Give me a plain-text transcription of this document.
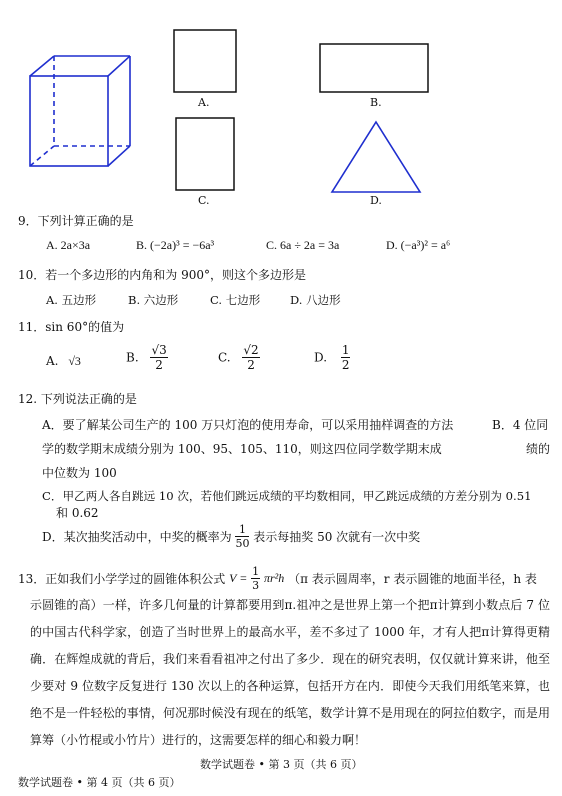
A.	B.
C.	D.
9．下列计算正确的是
A. 2a×3a	B. (−2a)³ = −6a³	C. 6a ÷ 2a = 3a	D. (−a³)² = a⁶
10．若一个多边形的内角和为 900°，则这个多边形是
A. 五边形	B. 六边形	C. 七边形	D. 八边形
11．sin 60°的值为
A. √3	B. $\frac{√3}{2}$	C. $\frac{√2}{2}$	D. $\frac{1}{2}$
12. 下列说法正确的是
A．要了解某公司生产的 100 万只灯泡的使用寿命，可以采用抽样调查的方法	B．4 位同
学的数学期末成绩分别为 100、95、105、110，则这四位同学数学期末成	绩的
中位数为 100
C．甲乙两人各自跳远 10 次，若他们跳远成绩的平均数相同，甲乙跳远成绩的方差分别为 0.51
和 0.62
D．某次抽奖活动中，中奖的概率为 $\frac{1}{50}$ 表示每抽奖 50 次就有一次中奖
13．正如我们小学学过的圆锥体积公式 $V = \frac{1}{3} \pi r^2h$ （π 表示圆周率，r 表示圆锥的地面半径，h 表
示圆锥的高）一样，许多几何量的计算都要用到π.祖冲之是世界上第一个把π计算到小数点后 7 位的中国古代科学家，创造了当时世界上的最高水平，差不多过了 1000 年，才有人把π计算得更精确．在辉煌成就的背后，我们来看看祖冲之付出了多少．现在的研究表明，仅仅就计算来讲，他至少要对 9 位数字反复进行 130 次以上的各种运算，包括开方在内．即使今天我们用纸笔来算，也绝不是一件轻松的事情，何况那时候没有现在的纸笔，数学计算不是用现在的阿拉伯数字，而是用算筹（小竹棍或小竹片）进行的，这需要怎样的细心和毅力啊！
数学试题卷 • 第 3 页（共 6 页）
数学试题卷 • 第 4 页（共 6 页）
